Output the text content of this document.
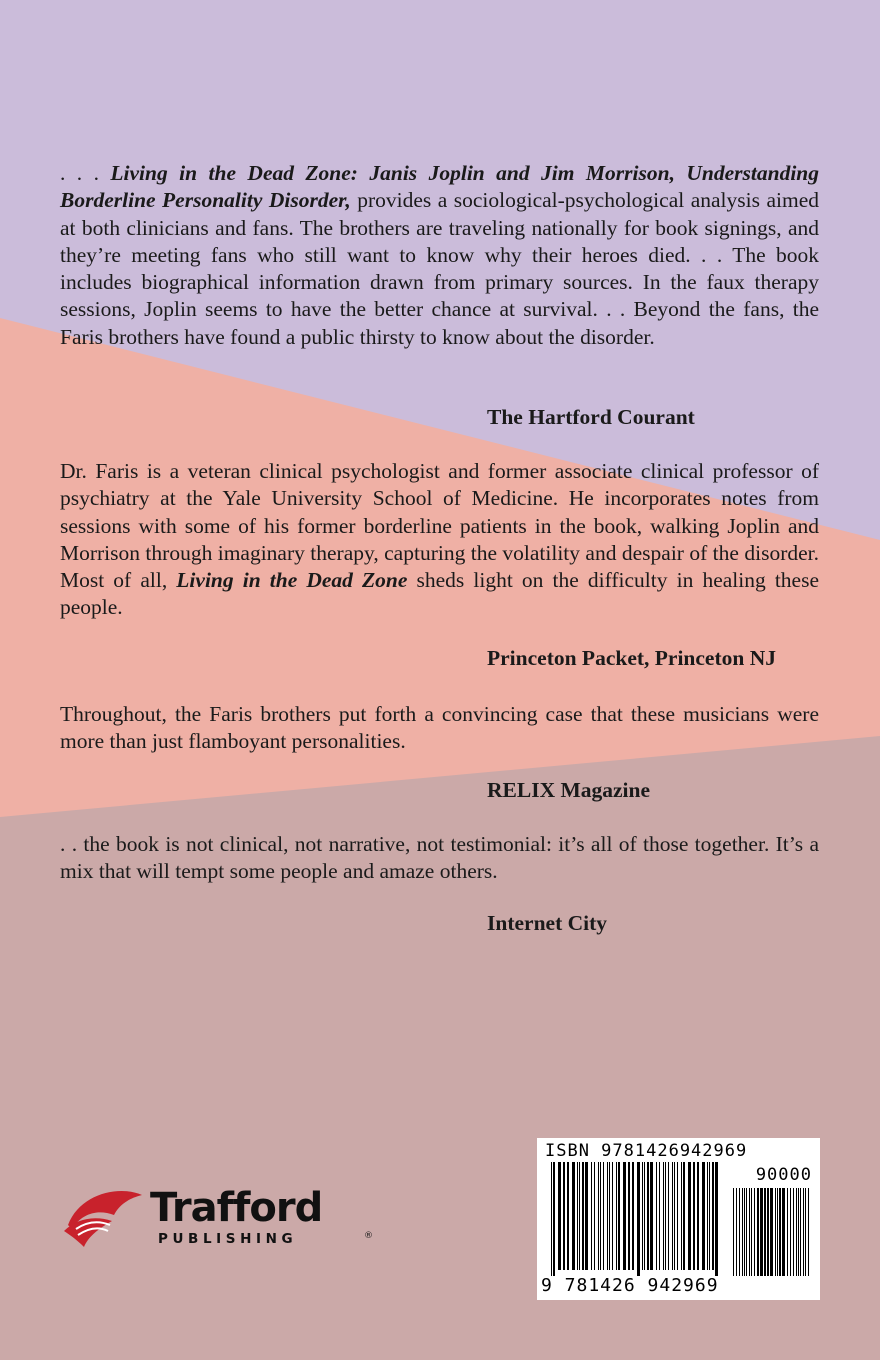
. . . Living in the Dead Zone: Janis Joplin and Jim Morrison, Understanding Borderline Personality Disorder, provides a sociological-psychological analysis aimed at both clinicians and fans. The brothers are traveling nationally for book signings, and they’re meeting fans who still want to know why their heroes died. . . The book includes biographical information drawn from primary sources. In the faux therapy sessions, Joplin seems to have the better chance at survival. . . Beyond the fans, the Faris brothers have found a public thirsty to know about the disorder.

The Hartford Courant

Dr. Faris is a veteran clinical psychologist and former associate clinical professor of psychiatry at the Yale University School of Medicine. He incorporates notes from sessions with some of his former borderline patients in the book, walking Joplin and Morrison through imaginary therapy, capturing the volatility and despair of the disorder. Most of all, Living in the Dead Zone sheds light on the difficulty in healing these people.

Princeton Packet, Princeton NJ

Throughout, the Faris brothers put forth a convincing case that these musicians were more than just flamboyant personalities.

RELIX Magazine

. . the book is not clinical, not narrative, not testimonial: it’s all of those together. It’s a mix that will tempt some people and amaze others.

Internet City

Trafford
PUBLISHING	®
ISBN 9781426942969
90000
9 781426 942969
